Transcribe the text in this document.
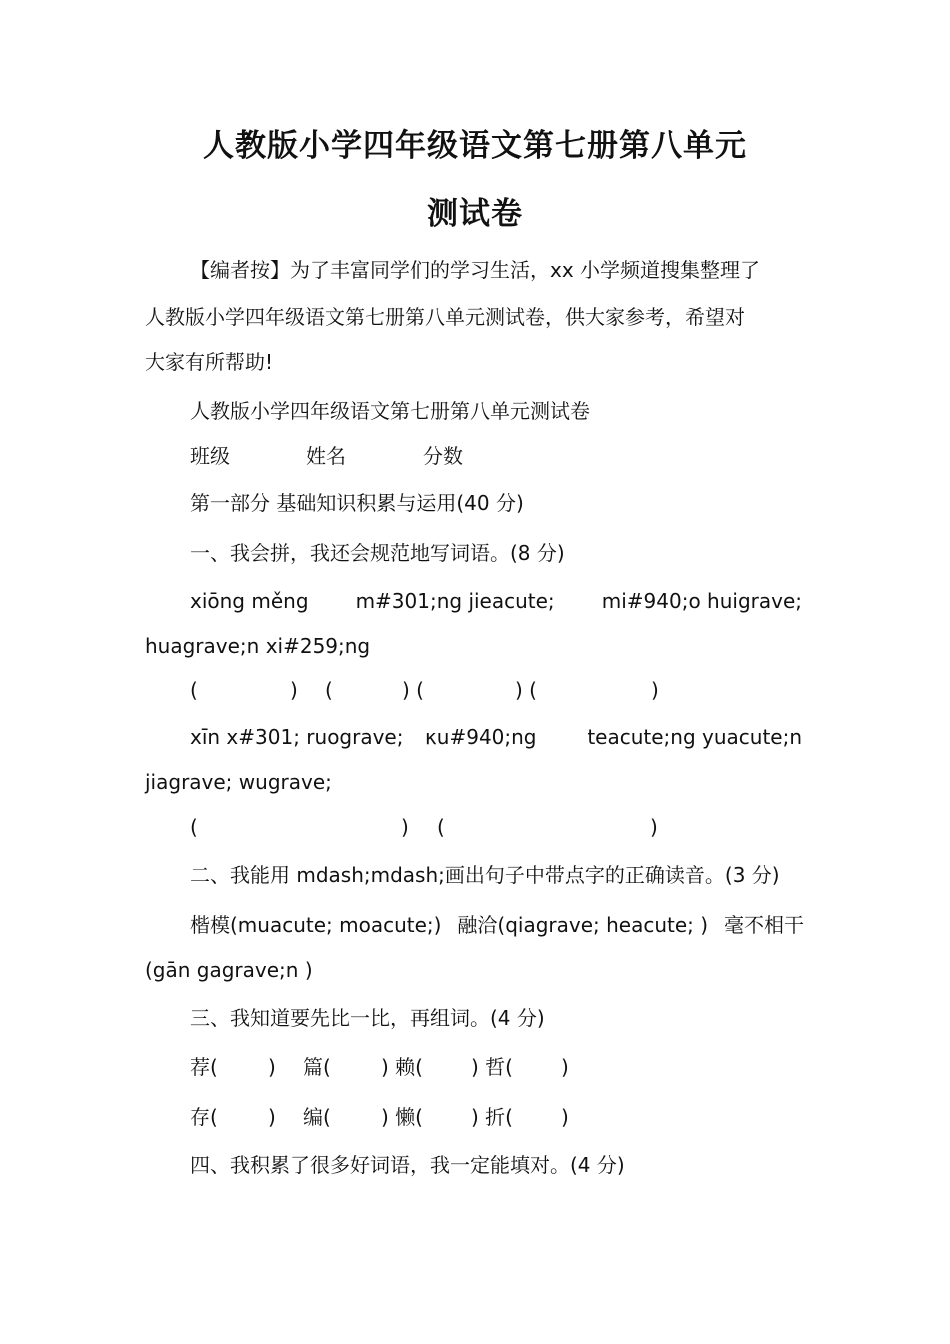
人教版小学四年级语文第七册第八单元
测试卷
【编者按】为了丰富同学们的学习生活，xx 小学频道搜集整理了
人教版小学四年级语文第七册第八单元测试卷，供大家参考，希望对
大家有所帮助!
人教版小学四年级语文第七册第八单元测试卷
班级	姓名	分数
第一部分 基础知识积累与运用(40 分)
一、我会拼，我还会规范地写词语。(8 分)
xiōng měng m#301;ng jieacute; mi#940;o huigrave;
huagrave;n xi#259;ng
(	) (	) (	) (	)
xīn x#301; ruograve; κu#940;ng	teacute;ng yuacute;n
jiagrave; wugrave;
(	) (	)
二、我能用 mdash;mdash;画出句子中带点字的正确读音。(3 分)
楷模(muacute; moacute;) 融洽(qiagrave; heacute; ) 毫不相干
(gān gagrave;n )
三、我知道要先比一比，再组词。(4 分)
荐(	) 篇(	) 赖( ) 哲( )
存(	) 编(	) 懒( ) 折( )
四、我积累了很多好词语，我一定能填对。(4 分)
